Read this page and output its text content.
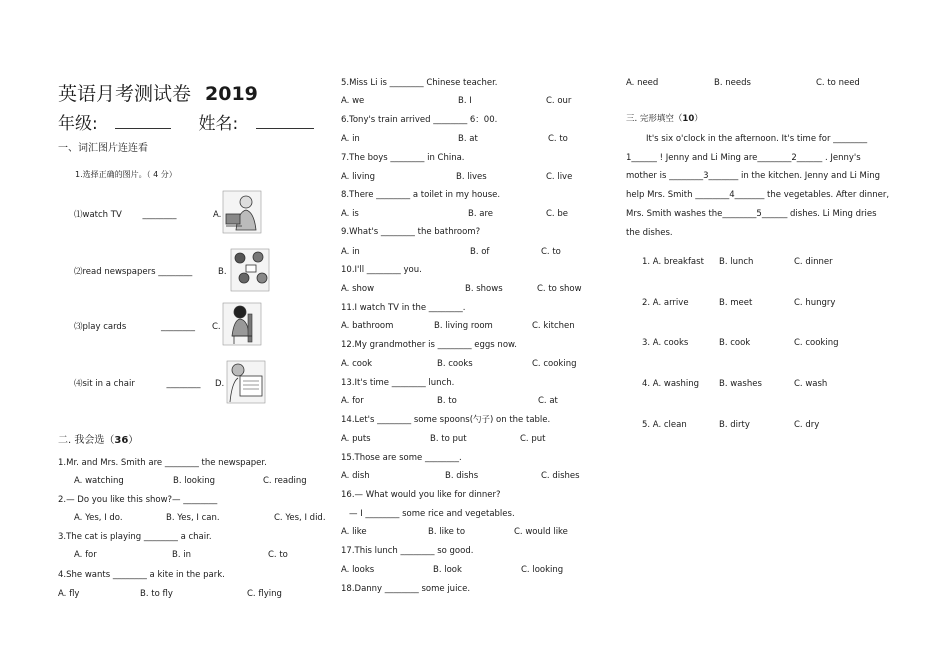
英语月考测试卷 2019
年级:	姓名:
一、词汇图片连连看
1.选择正确的图片。（ 4 分）
⑴watch TV ________	A.
⑵read newspapers ________	B.
⑶play cards	________ C.
⑷sit in a chair	________ D.
二. 我会选（36）
1.Mr. and Mrs. Smith are ________ the newspaper.
A. watching	B. looking	C. reading
2.— Do you like this show?— ________
A. Yes, I do.	B. Yes, I can.	C. Yes, I did.
3.The cat is playing ________ a chair.
A. for	B. in	C. to
4.She wants ________ a kite in the park.
A. fly	B. to fly	C. flying
5.Miss Li is ________ Chinese teacher.
A. we	B. I	C. our
6.Tony's train arrived ________ 6：00.
A. in	B. at	C. to
7.The boys ________ in China.
A. living	B. lives	C. live
8.There ________ a toilet in my house.
A. is	B. are	C. be
9.What's ________ the bathroom?
A. in	B. of	C. to
10.I'll ________ you.
A. show	B. shows	C. to show
11.I watch TV in the ________.
A. bathroom	B. living room	C. kitchen
12.My grandmother is ________ eggs now.
A. cook	B. cooks	C. cooking
13.It's time ________ lunch.
A. for	B. to	C. at
14.Let's ________ some spoons(勺子) on the table.
A. puts	B. to put	C. put
15.Those are some ________.
A. dish	B. dishs	C. dishes
16.— What would you like for dinner?
— I ________ some rice and vegetables.
A. like	B. like to	C. would like
17.This lunch ________ so good.
A. looks	B. look	C. looking
18.Danny ________ some juice.
A. need	B. needs	C. to need
三. 完形填空（10）
It's six o'clock in the afternoon. It's time for ________
1______ ! Jenny and Li Ming are________2______ . Jenny's
mother is ________3_______ in the kitchen. Jenny and Li Ming
help Mrs. Smith ________4_______ the vegetables. After dinner,
Mrs. Smith washes the________5______ dishes. Li Ming dries
the dishes.
1. A. breakfast B. lunch	C. dinner
2. A. arrive	B. meet	C. hungry
3. A. cooks	B. cook	C. cooking
4. A. washing B. washes	C. wash
5. A. clean	B. dirty	C. dry
